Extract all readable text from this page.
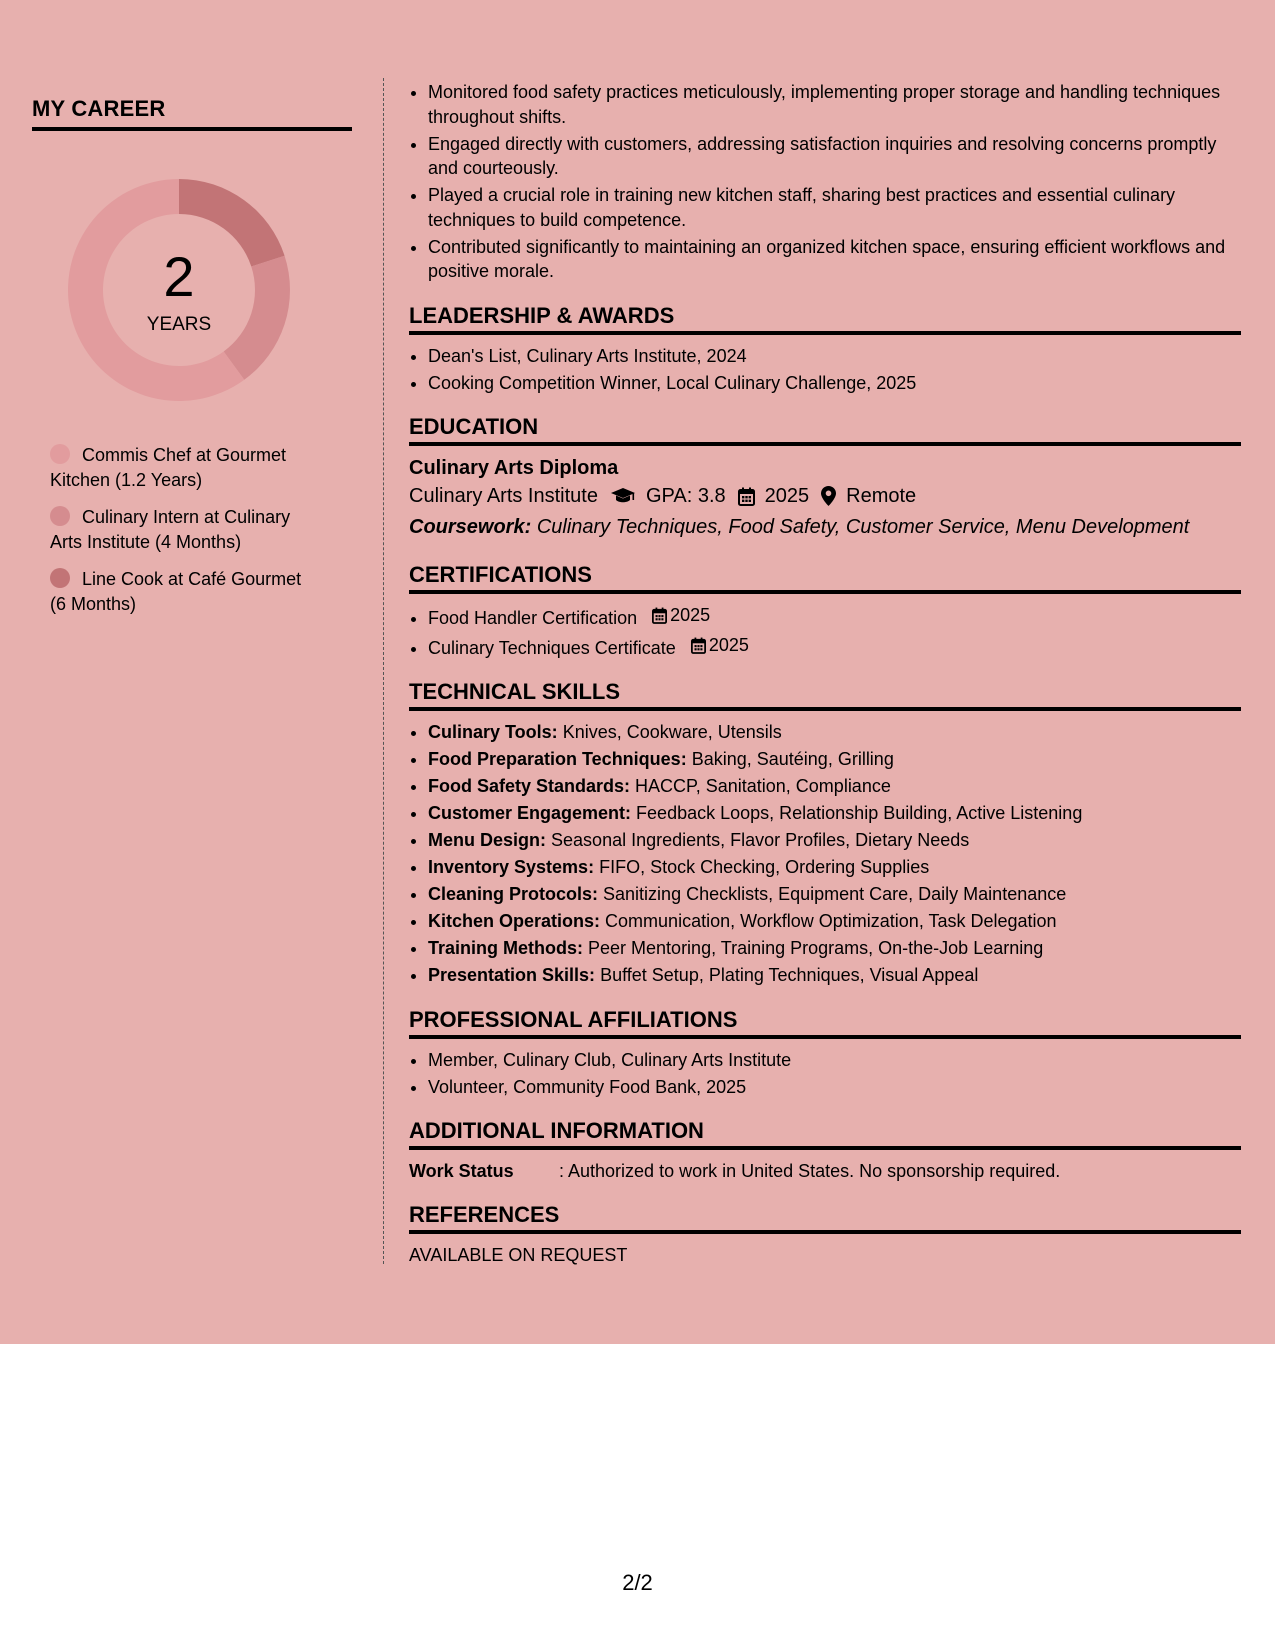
MY CAREER
2
YEARS
Commis Chef at Gourmet Kitchen (1.2 Years)
Culinary Intern at Culinary Arts Institute (4 Months)
Line Cook at Café Gourmet (6 Months)
• Monitored food safety practices meticulously, implementing proper storage and handling techniques throughout shifts.
• Engaged directly with customers, addressing satisfaction inquiries and resolving concerns promptly and courteously.
• Played a crucial role in training new kitchen staff, sharing best practices and essential culinary techniques to build competence.
• Contributed significantly to maintaining an organized kitchen space, ensuring efficient workflows and positive morale.
LEADERSHIP & AWARDS
• Dean's List, Culinary Arts Institute, 2024
• Cooking Competition Winner, Local Culinary Challenge, 2025
EDUCATION
Culinary Arts Diploma
Culinary Arts Institute GPA: 3.8 2025 Remote
Coursework: Culinary Techniques, Food Safety, Customer Service, Menu Development
CERTIFICATIONS
• Food Handler Certification 2025
• Culinary Techniques Certificate 2025
TECHNICAL SKILLS
• Culinary Tools: Knives, Cookware, Utensils
• Food Preparation Techniques: Baking, Sautéing, Grilling
• Food Safety Standards: HACCP, Sanitation, Compliance
• Customer Engagement: Feedback Loops, Relationship Building, Active Listening
• Menu Design: Seasonal Ingredients, Flavor Profiles, Dietary Needs
• Inventory Systems: FIFO, Stock Checking, Ordering Supplies
• Cleaning Protocols: Sanitizing Checklists, Equipment Care, Daily Maintenance
• Kitchen Operations: Communication, Workflow Optimization, Task Delegation
• Training Methods: Peer Mentoring, Training Programs, On-the-Job Learning
• Presentation Skills: Buffet Setup, Plating Techniques, Visual Appeal
PROFESSIONAL AFFILIATIONS
• Member, Culinary Club, Culinary Arts Institute
• Volunteer, Community Food Bank, 2025
ADDITIONAL INFORMATION
Work Status	: Authorized to work in United States. No sponsorship required.
REFERENCES
AVAILABLE ON REQUEST
2/2
